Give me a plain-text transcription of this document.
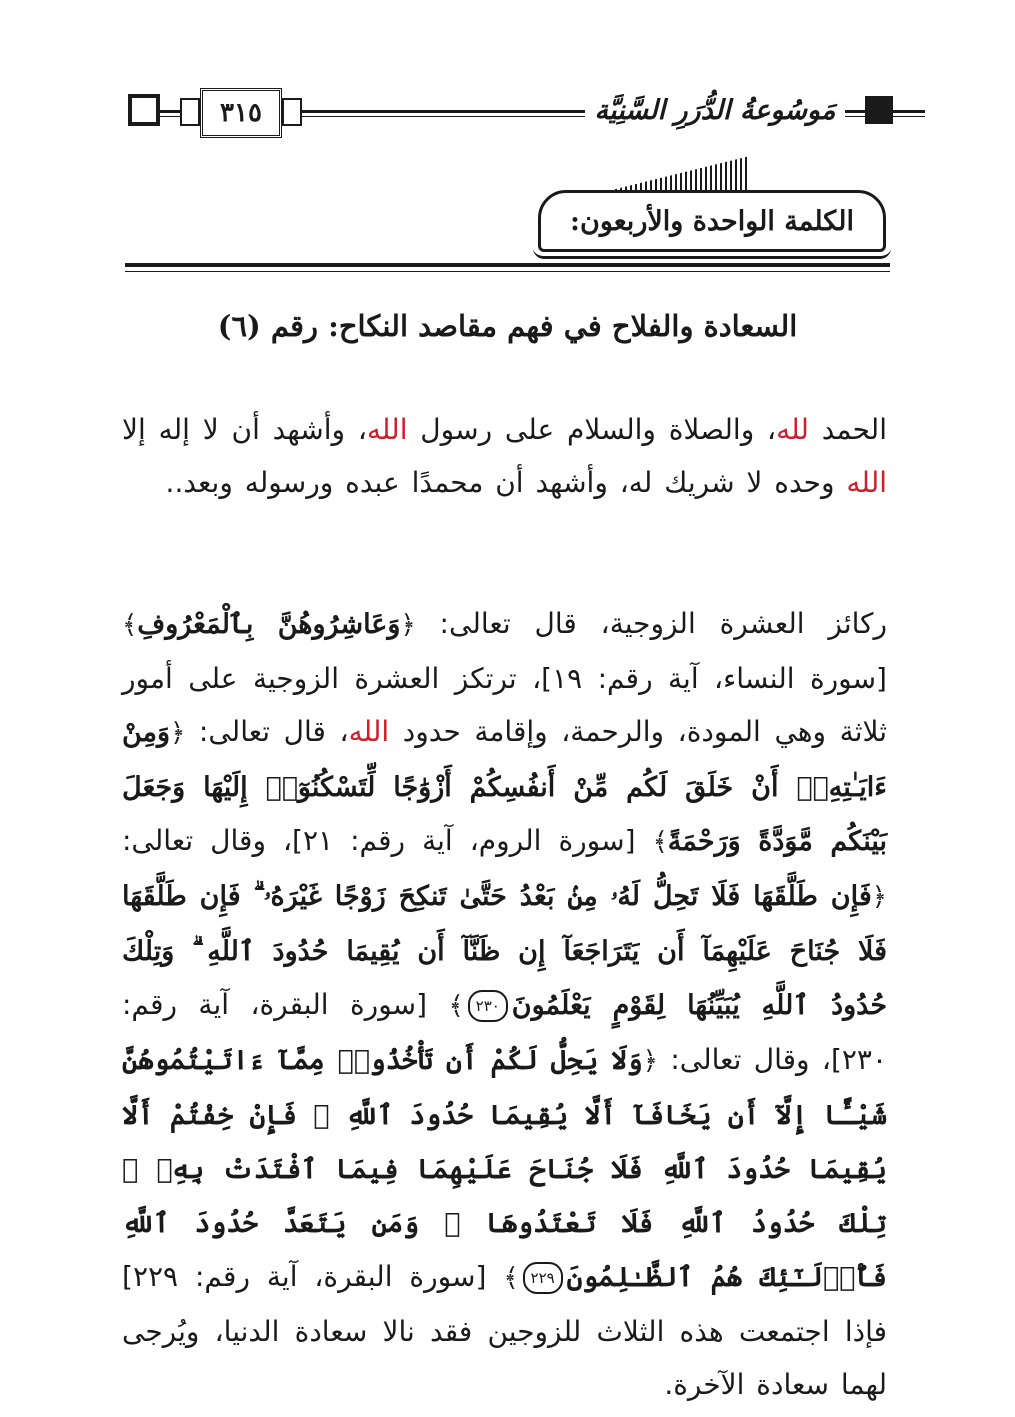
٣١٥	مَوسُوعةُ الدُّرَرِ السَّنِيَّة
الكلمة الواحدة والأربعون:
السعادة والفلاح في فهم مقاصد النكاح: رقم (٦)
الحمد لله، والصلاة والسلام على رسول الله، وأشهد أن لا إله إلا الله وحده لا شريك له، وأشهد أن محمدًا عبده ورسوله وبعد..
ركائز العشرة الزوجية، قال تعالى: ﴿وَعَاشِرُوهُنَّ بِٱلْمَعْرُوفِ﴾ [سورة النساء، آية رقم: ١٩]، ترتكز العشرة الزوجية على أمور ثلاثة وهي المودة، والرحمة، وإقامة حدود الله، قال تعالى: ﴿وَمِنْ ءَايَـٰتِهِۦٓ أَنْ خَلَقَ لَكُم مِّنْ أَنفُسِكُمْ أَزْوَٰجًا لِّتَسْكُنُوٓا۟ إِلَيْهَا وَجَعَلَ بَيْنَكُم مَّوَدَّةً وَرَحْمَةً﴾ [سورة الروم، آية رقم: ٢١]، وقال تعالى: ﴿فَإِن طَلَّقَهَا فَلَا تَحِلُّ لَهُۥ مِنۢ بَعْدُ حَتَّىٰ تَنكِحَ زَوْجًا غَيْرَهُۥ ۗ فَإِن طَلَّقَهَا فَلَا جُنَاحَ عَلَيْهِمَآ أَن يَتَرَاجَعَآ إِن ظَنَّآ أَن يُقِيمَا حُدُودَ ٱللَّهِ ۗ وَتِلْكَ حُدُودُ ٱللَّهِ يُبَيِّنُهَا لِقَوْمٍ يَعْلَمُونَ٢٣٠﴾ [سورة البقرة، آية رقم: ٢٣٠]، وقال تعالى: ﴿وَلَا يَحِلُّ لَكُمْ أَن تَأْخُذُوا۟ مِمَّآ ءَاتَيْتُمُوهُنَّ شَيْـًٔا إِلَّآ أَن يَخَافَآ أَلَّا يُقِيمَا حُدُودَ ٱللَّهِ ۖ فَإِنْ خِفْتُمْ أَلَّا يُقِيمَا حُدُودَ ٱللَّهِ فَلَا جُنَاحَ عَلَيْهِمَا فِيمَا ٱفْتَدَتْ بِهِۦ ۗ تِلْكَ حُدُودُ ٱللَّهِ فَلَا تَعْتَدُوهَا ۚ وَمَن يَتَعَدَّ حُدُودَ ٱللَّهِ فَأُو۟لَـٰٓئِكَ هُمُ ٱلظَّـٰلِمُونَ٢٢٩﴾ [سورة البقرة، آية رقم: ٢٢٩] فإذا اجتمعت هذه الثلاث للزوجين فقد نالا سعادة الدنيا، ويُرجى لهما سعادة الآخرة.
